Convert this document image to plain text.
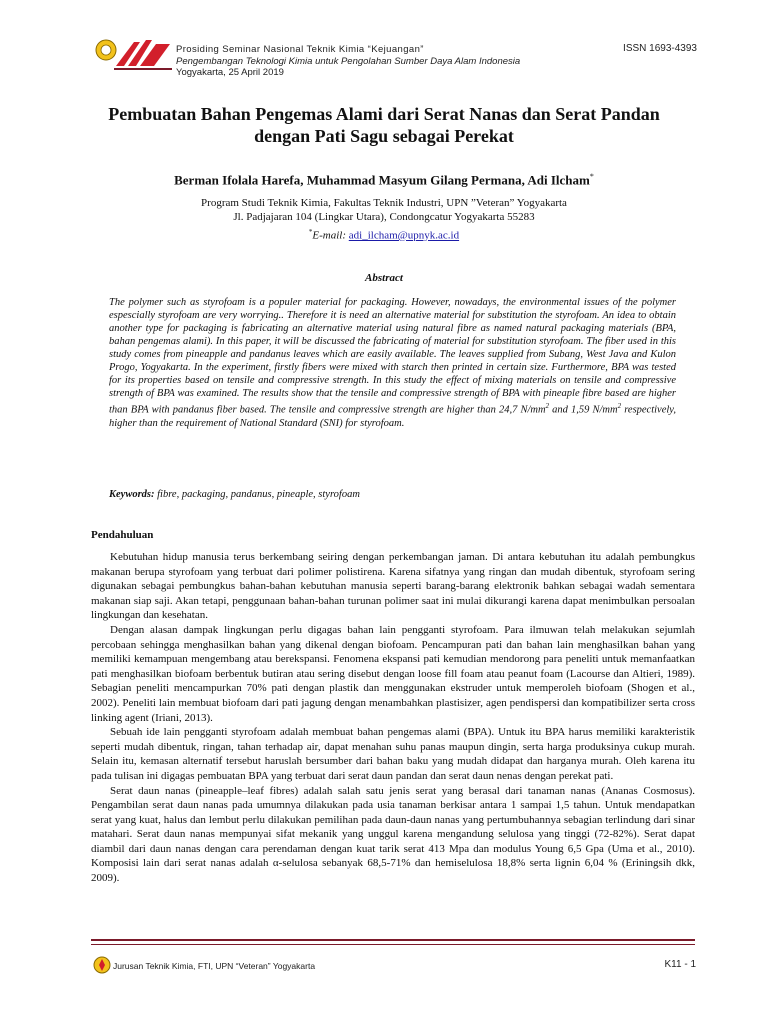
Prosiding Seminar Nasional Teknik Kimia “Kejuangan”
Pengembangan Teknologi Kimia untuk Pengolahan Sumber Daya Alam Indonesia
Yogyakarta, 25 April 2019
ISSN 1693-4393
Pembuatan Bahan Pengemas Alami dari Serat Nanas dan Serat Pandan
dengan Pati Sagu sebagai Perekat
Berman Ifolala Harefa, Muhammad Masyum Gilang Permana, Adi Ilcham*
Program Studi Teknik Kimia, Fakultas Teknik Industri, UPN ”Veteran” Yogyakarta
Jl. Padjajaran 104 (Lingkar Utara), Condongcatur Yogyakarta 55283
*E-mail: adi_ilcham@upnyk.ac.id
Abstract
The polymer such as styrofoam is a populer material for packaging. However, nowadays, the environmental issues of the polymer espescially styrofoam are very worrying.. Therefore it is need an alternative material for substitution the styrofoam. An idea to obtain another type for packaging is fabricating an alternative material using natural fibre as named natural packaging materials (BPA, bahan pengemas alami). In this paper, it will be discussed the fabricating of material for substitution styrofoam. The fiber used in this study comes from pineapple and pandanus leaves which are easily available. The leaves supplied from Subang, West Java and Kulon Progo, Yogyakarta. In the experiment, firstly fibers were mixed with starch then printed in certain size. Furthermore, BPA was tested for its properties based on tensile and compressive strength. In this study the effect of mixing materials on tensile and compressive strength of BPA was examined. The results show that the tensile and compressive strength of BPA with pineaple fibre based are higher than BPA with pandanus fiber based. The tensile and compressive strength are higher than 24,7 $N/mm^2$ and 1,59 $N/mm^2$ respectively, higher than the requirement of National Standard (SNI) for styrofoam.
Keywords: fibre, packaging, pandanus, pineaple, styrofoam
Pendahuluan

Kebutuhan hidup manusia terus berkembang seiring dengan perkembangan jaman. Di antara kebutuhan itu adalah pembungkus makanan berupa styrofoam yang terbuat dari polimer polistirena. Karena sifatnya yang ringan dan mudah dibentuk, styrofoam sering digunakan sebagai pembungkus bahan-bahan kebutuhan manusia seperti barang-barang elektronik bahkan sebagai wadah sementara makanan siap saji. Akan tetapi, penggunaan bahan-bahan turunan polimer saat ini mulai dikurangi karena dapat menimbulkan persoalan lingkungan dan kesehatan.

Dengan alasan dampak lingkungan perlu digagas bahan lain pengganti styrofoam. Para ilmuwan telah melakukan sejumlah percobaan sehingga menghasilkan bahan yang dikenal dengan biofoam. Pencampuran pati dan bahan lain menghasilkan bahan yang memiliki kemampuan mengembang atau berekspansi. Fenomena ekspansi pati kemudian mendorong para peneliti untuk memanfaatkan pati menghasilkan biofoam berbentuk butiran atau sering disebut dengan loose fill foam atau peanut foam (Lacourse dan Altieri, 1989). Sebagian peneliti mencampurkan 70% pati dengan plastik dan menggunakan ekstruder untuk memperoleh biofoam (Shogen et al., 2002). Peneliti lain membuat biofoam dari pati jagung dengan menambahkan plastisizer, agen pendispersi dan kompatibilizer serta cross linking agent (Iriani, 2013).

Sebuah ide lain pengganti styrofoam adalah membuat bahan pengemas alami (BPA). Untuk itu BPA harus memiliki karakteristik seperti mudah dibentuk, ringan, tahan terhadap air, dapat menahan suhu panas maupun dingin, serta harga produksinya cukup murah. Selain itu, kemasan alternatif tersebut haruslah bersumber dari bahan baku yang mudah didapat dan harganya murah. Oleh karena itu pada tulisan ini digagas pembuatan BPA yang terbuat dari serat daun pandan dan serat daun nenas dengan perekat pati.

Serat daun nanas (pineapple–leaf fibres) adalah salah satu jenis serat yang berasal dari tanaman nanas (Ananas Cosmosus). Pengambilan serat daun nanas pada umumnya dilakukan pada usia tanaman berkisar antara 1 sampai 1,5 tahun. Untuk mendapatkan serat yang kuat, halus dan lembut perlu dilakukan pemilihan pada daun-daun nanas yang pertumbuhannya sebagian terlindung dari sinar matahari. Serat daun nanas mempunyai sifat mekanik yang unggul karena mengandung selulosa yang tinggi (72-82%). Serat dapat diambil dari daun nanas dengan cara perendaman dengan kuat tarik serat 413 Mpa dan modulus Young 6,5 Gpa (Uma et al., 2010). Komposisi lain dari serat nanas adalah α-selulosa sebanyak 68,5-71% dan hemiselulosa 18,8% serta lignin 6,04 % (Eriningsih dkk, 2009).

Jurusan Teknik Kimia, FTI, UPN “Veteran” Yogyakarta	K11 - 1
